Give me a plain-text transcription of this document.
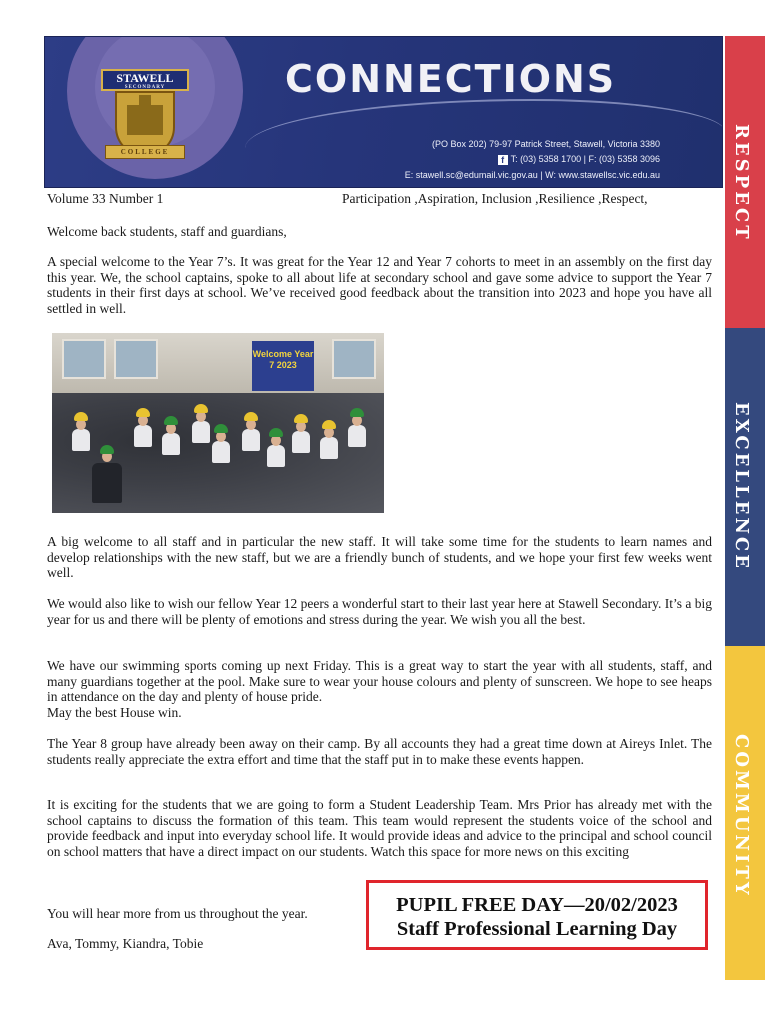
STAWELL
SECONDARY
COLLEGE
CONNECTIONS
(PO Box 202) 79-97 Patrick Street, Stawell, Victoria 3380
f T: (03) 5358 1700 | F: (03) 5358 3096
E: stawell.sc@edumail.vic.gov.au | W: www.stawellsc.vic.edu.au	RESPECT
EXCELLENCE
COMMUNITY
Volume 33 Number 1	Participation ,Aspiration, Inclusion ,Resilience ,Respect,

Welcome back students, staff and guardians,

A special welcome to the Year 7’s. It was great for the Year 12 and Year 7 cohorts to meet in an assembly on the first day this year. We, the school captains, spoke to all about life at secondary school and gave some advice to support the Year 7 students in their first days at school. We’ve received good feedback about the transition into 2023 and hope you have all settled in well.

Welcome Year 7 2023

A big welcome to all staff and in particular the new staff. It will take some time for the students to learn names and develop relationships with the new staff, but we are a friendly bunch of students, and we hope your first few weeks went well.

We would also like to wish our fellow Year 12 peers a wonderful start to their last year here at Stawell Secondary. It’s a big year for us and there will be plenty of emotions and stress during the year. We wish you all the best.

We have our swimming sports coming up next Friday. This is a great way to start the year with all students, staff, and many guardians together at the pool. Make sure to wear your house colours and plenty of sunscreen. We hope to see heaps in attendance on the day and plenty of house pride.
May the best House win.

The Year 8 group have already been away on their camp. By all accounts they had a great time down at Aireys Inlet. The students really appreciate the extra effort and time that the staff put in to make these events happen.

It is exciting for the students that we are going to form a Student Leadership Team. Mrs Prior has already met with the school captains to discuss the formation of this team. This team would represent the students voice of the school and provide feedback and input into everyday school life. It would provide ideas and advice to the principal and school council on school matters that have a direct impact on our students. Watch this space for more news on this exciting

You will hear more from us throughout the year.
Ava, Tommy, Kiandra, Tobie
PUPIL FREE DAY—20/02/2023
Staff Professional Learning Day
